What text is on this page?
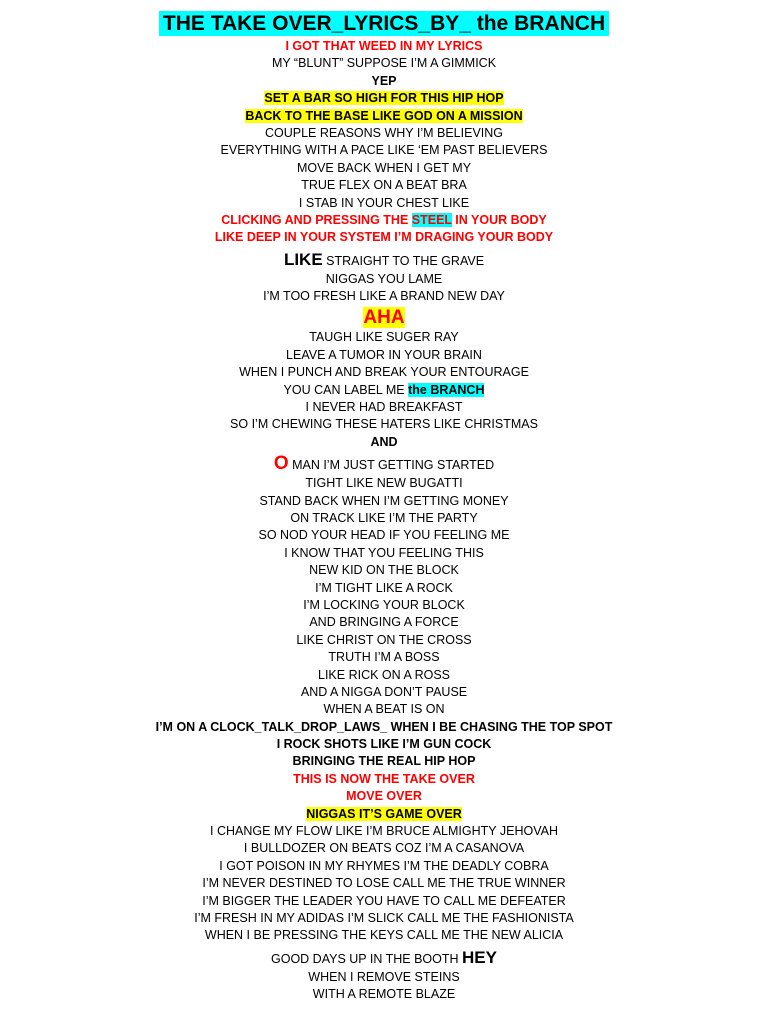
THE TAKE OVER_LYRICS_BY_ the BRANCH
I GOT THAT WEED IN MY LYRICS
MY “BLUNT” SUPPOSE I’M A GIMMICK
YEP
SET A BAR SO HIGH FOR THIS HIP HOP
BACK TO THE BASE LIKE GOD ON A MISSION
COUPLE REASONS WHY I’M BELIEVING
EVERYTHING WITH A PACE LIKE ‘EM PAST BELIEVERS
MOVE BACK WHEN I GET MY
TRUE FLEX ON A BEAT BRA
I STAB IN YOUR CHEST LIKE
CLICKING AND PRESSING THE STEEL IN YOUR BODY
LIKE DEEP IN YOUR SYSTEM I’M DRAGING YOUR BODY
LIKE STRAIGHT TO THE GRAVE
NIGGAS YOU LAME
I’M TOO FRESH LIKE A BRAND NEW DAY
AHA
TAUGH LIKE SUGER RAY
LEAVE A TUMOR IN YOUR BRAIN
WHEN I PUNCH AND BREAK YOUR ENTOURAGE
YOU CAN LABEL ME the BRANCH
I NEVER HAD BREAKFAST
SO I’M CHEWING THESE HATERS LIKE CHRISTMAS
AND
O MAN I’M JUST GETTING STARTED
TIGHT LIKE NEW BUGATTI
STAND BACK WHEN I’M GETTING MONEY
ON TRACK LIKE I’M THE PARTY
SO NOD YOUR HEAD IF YOU FEELING ME
I KNOW THAT YOU FEELING THIS
NEW KID ON THE BLOCK
I’M TIGHT LIKE A ROCK
I’M LOCKING YOUR BLOCK
AND BRINGING A FORCE
LIKE CHRIST ON THE CROSS
TRUTH I’M A BOSS
LIKE RICK ON A ROSS
AND A NIGGA DON’T PAUSE
WHEN A BEAT IS ON
I’M ON A CLOCK_TALK_DROP_LAWS_ WHEN I BE CHASING THE TOP SPOT
I ROCK SHOTS LIKE I’M GUN COCK
BRINGING THE REAL HIP HOP
THIS IS NOW THE TAKE OVER
MOVE OVER
NIGGAS IT’S GAME OVER
I CHANGE MY FLOW LIKE I’M BRUCE ALMIGHTY JEHOVAH
I BULLDOZER ON BEATS COZ I’M A CASANOVA
I GOT POISON IN MY RHYMES I’M THE DEADLY COBRA
I’M NEVER DESTINED TO LOSE CALL ME THE TRUE WINNER
I’M BIGGER THE LEADER YOU HAVE TO CALL ME DEFEATER
I’M FRESH IN MY ADIDAS I’M SLICK CALL ME THE FASHIONISTA
WHEN I BE PRESSING THE KEYS CALL ME THE NEW ALICIA
GOOD DAYS UP IN THE BOOTH HEY
WHEN I REMOVE STEINS
WITH A REMOTE BLAZE
